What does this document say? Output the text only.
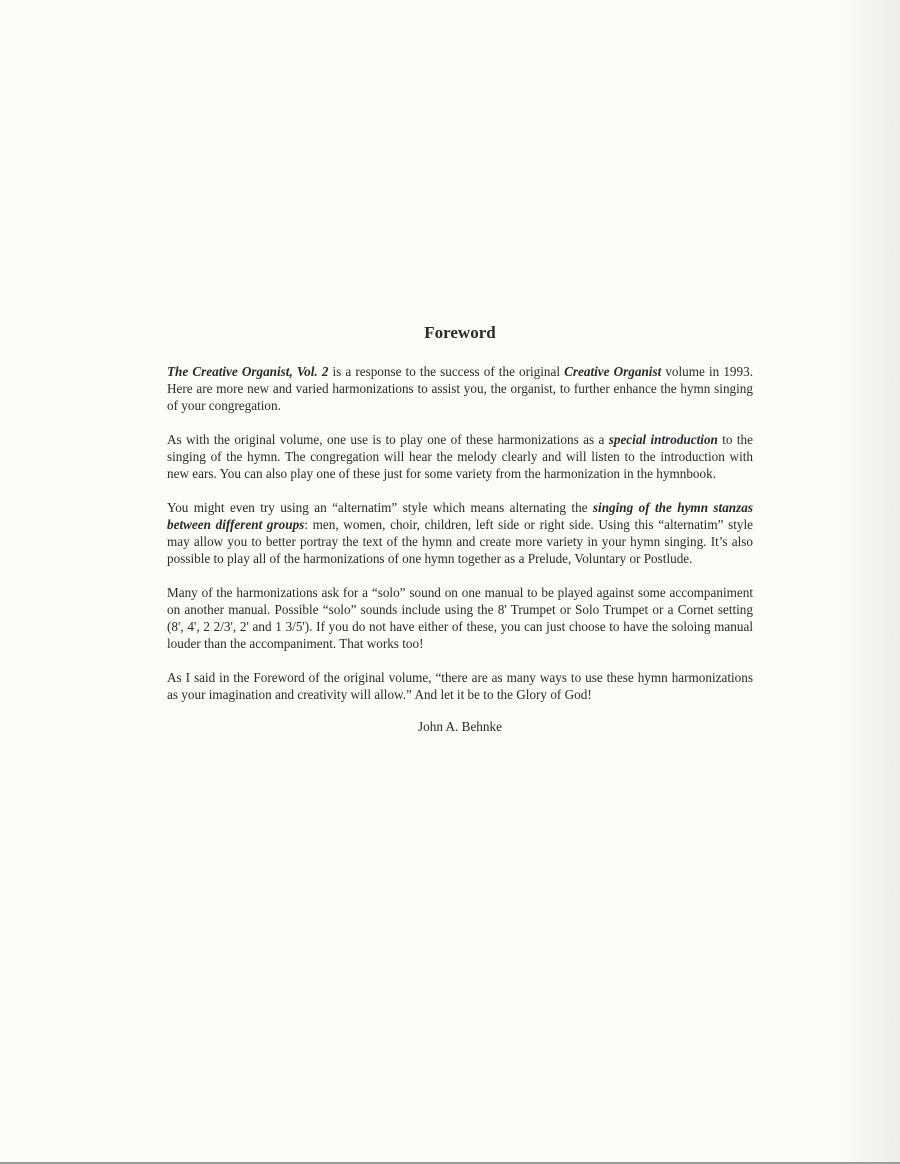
Foreword

The Creative Organist, Vol. 2 is a response to the success of the original Creative Organist volume in 1993. Here are more new and varied harmonizations to assist you, the organist, to further enhance the hymn singing of your congregation.

As with the original volume, one use is to play one of these harmonizations as a special introduction to the singing of the hymn. The congregation will hear the melody clearly and will listen to the introduction with new ears. You can also play one of these just for some variety from the harmonization in the hymnbook.

You might even try using an “alternatim” style which means alternating the singing of the hymn stanzas between different groups: men, women, choir, children, left side or right side. Using this “alternatim” style may allow you to better portray the text of the hymn and create more variety in your hymn singing. It’s also possible to play all of the harmonizations of one hymn together as a Prelude, Voluntary or Postlude.

Many of the harmonizations ask for a “solo” sound on one manual to be played against some accompaniment on another manual. Possible “solo” sounds include using the 8' Trumpet or Solo Trumpet or a Cornet setting (8', 4', 2 2/3', 2' and 1 3/5'). If you do not have either of these, you can just choose to have the soloing manual louder than the accompaniment. That works too!

As I said in the Foreword of the original volume, “there are as many ways to use these hymn harmonizations as your imagination and creativity will allow.” And let it be to the Glory of God!

John A. Behnke
